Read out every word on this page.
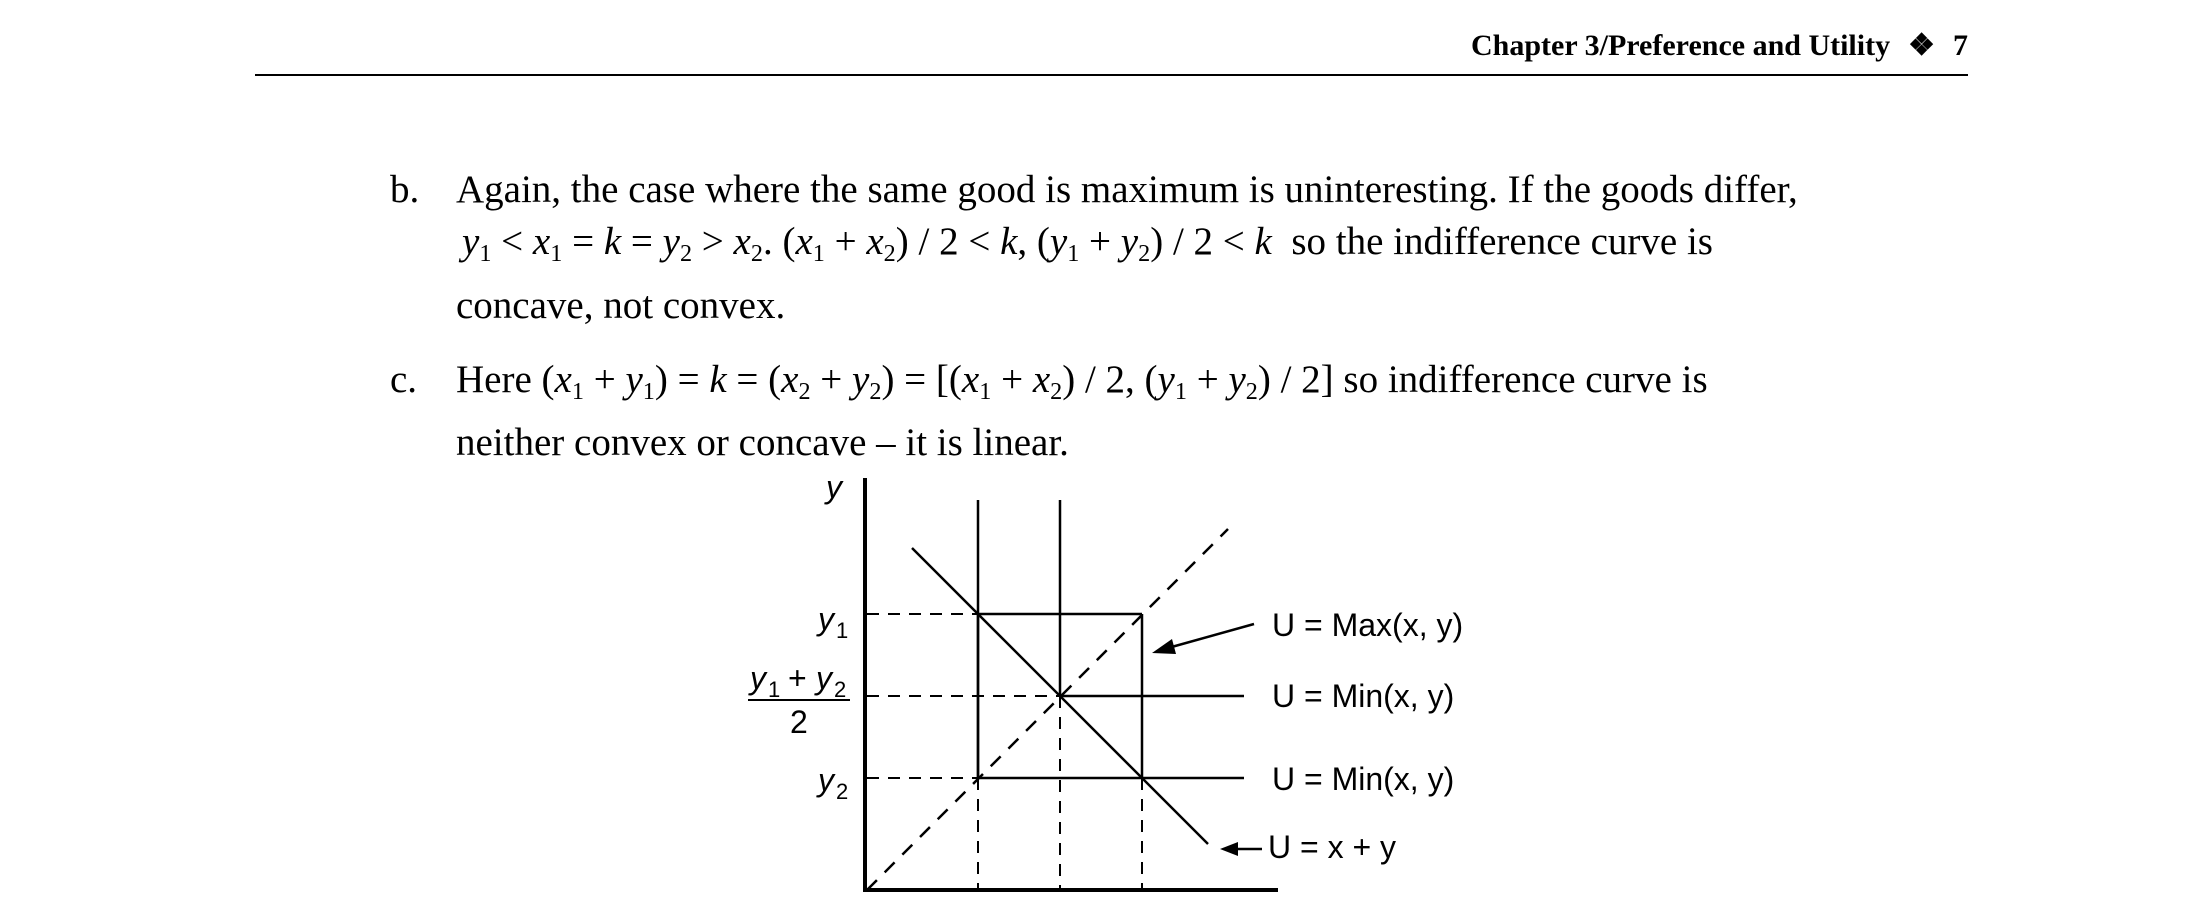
Chapter 3/Preference and Utility ❖ 7
b. Again, the case where the same good is maximum is uninteresting. If the goods differ,
$y_1 < x_1 = k = y_2 > x_2$. $(x_1 + x_2) / 2 < k$, $(y_1 + y_2) / 2 < k$ so the indifference curve is
concave, not convex.
c. Here $(x_1 + y_1) = k = (x_2 + y_2) = [(x_1 + x_2) / 2$, $(y_1 + y_2) / 2$] so indifference curve is
neither convex or concave – it is linear.
y
y 1
y 1 + y 2
2
y 2
U = Max(x, y)
U = Min(x, y)
U = Min(x, y)
U = x + y
